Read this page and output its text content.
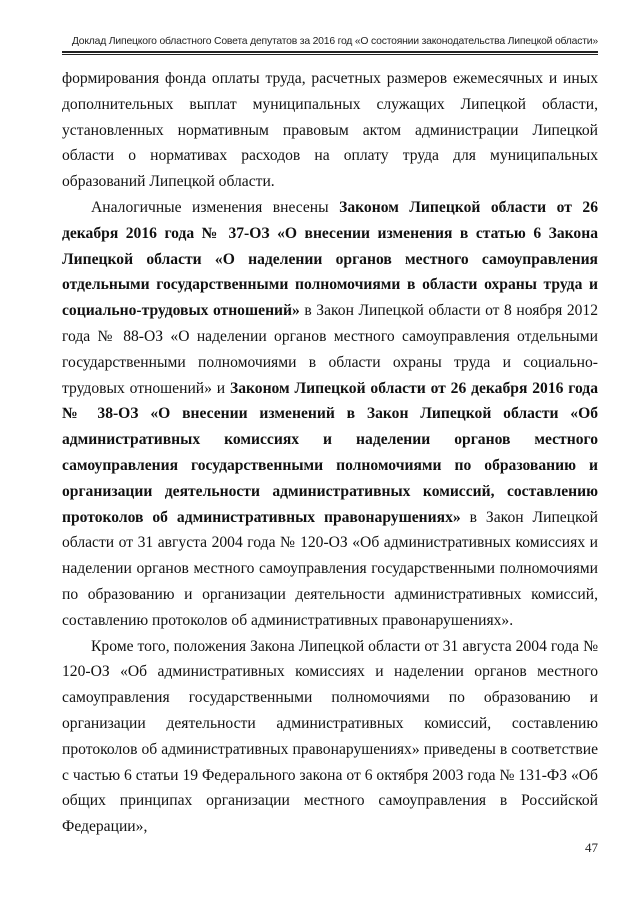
Доклад Липецкого областного Совета депутатов за 2016 год «О состоянии законодательства Липецкой области»

формирования фонда оплаты труда, расчетных размеров ежемесячных и иных дополнительных выплат муниципальных служащих Липецкой области, установленных нормативным правовым актом администрации Липецкой области о нормативах расходов на оплату труда для муниципальных образований Липецкой области.

Аналогичные изменения внесены Законом Липецкой области от 26 декабря 2016 года № 37-ОЗ «О внесении изменения в статью 6 Закона Липецкой области «О наделении органов местного самоуправления отдельными государственными полномочиями в области охраны труда и социально-трудовых отношений» в Закон Липецкой области от 8 ноября 2012 года № 88-ОЗ «О наделении органов местного самоуправления отдельными государственными полномочиями в области охраны труда и социально-трудовых отношений» и Законом Липецкой области от 26 декабря 2016 года № 38-ОЗ «О внесении изменений в Закон Липецкой области «Об административных комиссиях и наделении органов местного самоуправления государственными полномочиями по образованию и организации деятельности административных комиссий, составлению протоколов об административных правонарушениях» в Закон Липецкой области от 31 августа 2004 года № 120-ОЗ «Об административных комиссиях и наделении органов местного самоуправления государственными полномочиями по образованию и организации деятельности административных комиссий, составлению протоколов об административных правонарушениях».

Кроме того, положения Закона Липецкой области от 31 августа 2004 года № 120-ОЗ «Об административных комиссиях и наделении органов местного самоуправления государственными полномочиями по образованию и организации деятельности административных комиссий, составлению протоколов об административных правонарушениях» приведены в соответствие с частью 6 статьи 19 Федерального закона от 6 октября 2003 года № 131-ФЗ «Об общих принципах организации местного самоуправления в Российской Федерации»,

47
